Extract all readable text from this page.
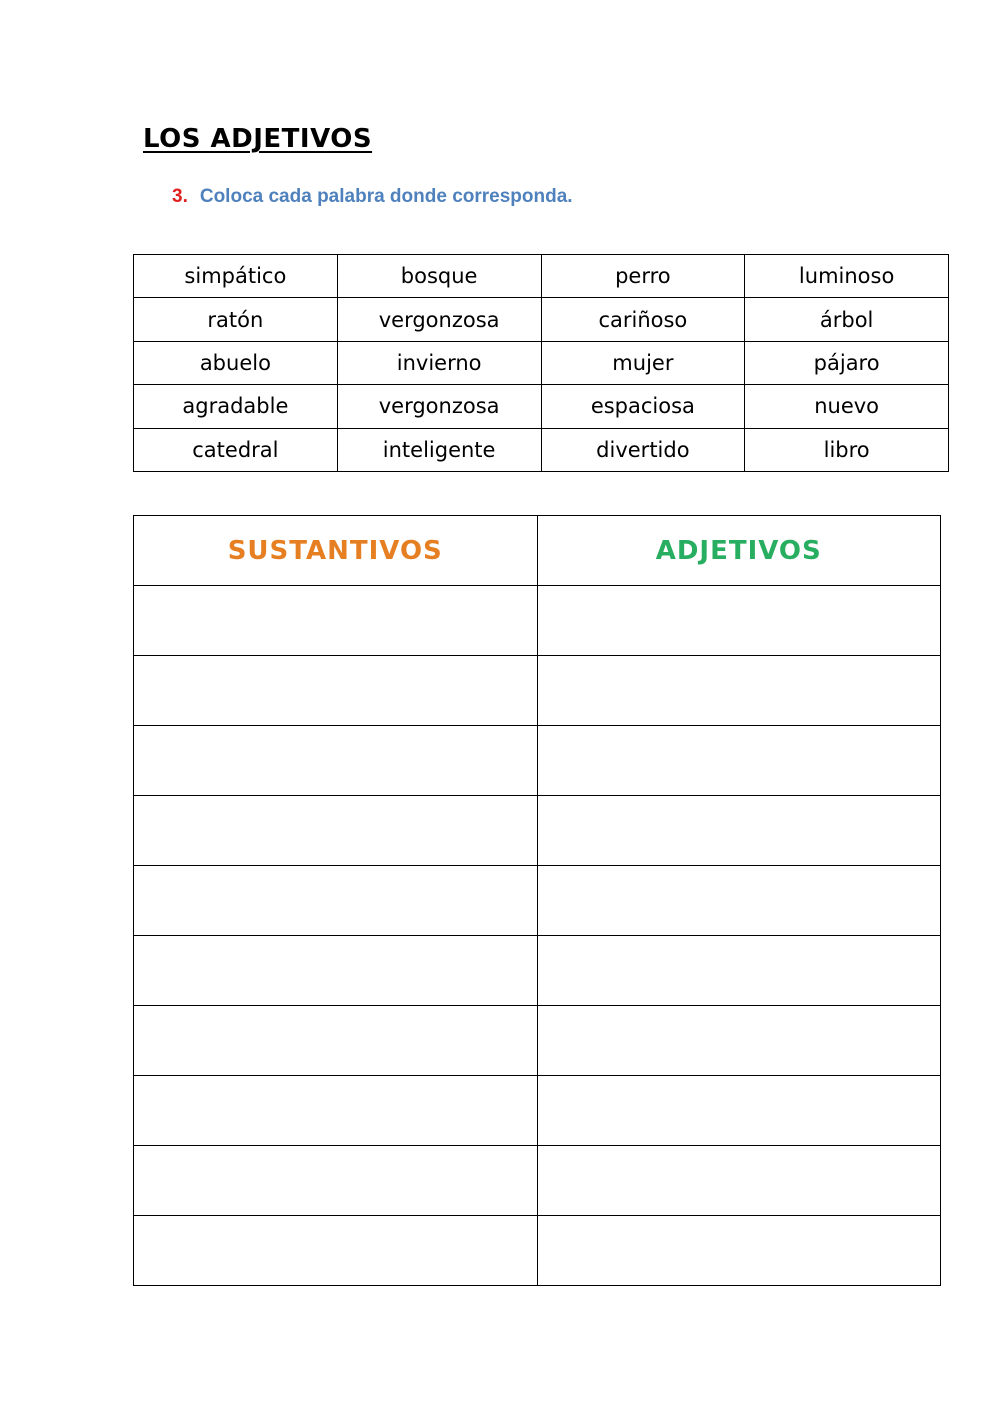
LOS ADJETIVOS

3. Coloca cada palabra donde corresponda.

simpático	bosque	perro	luminoso
ratón	vergonzosa	cariñoso	árbol
abuelo	invierno	mujer	pájaro
agradable	vergonzosa	espaciosa	nuevo
catedral	inteligente	divertido	libro
SUSTANTIVOS	ADJETIVOS
